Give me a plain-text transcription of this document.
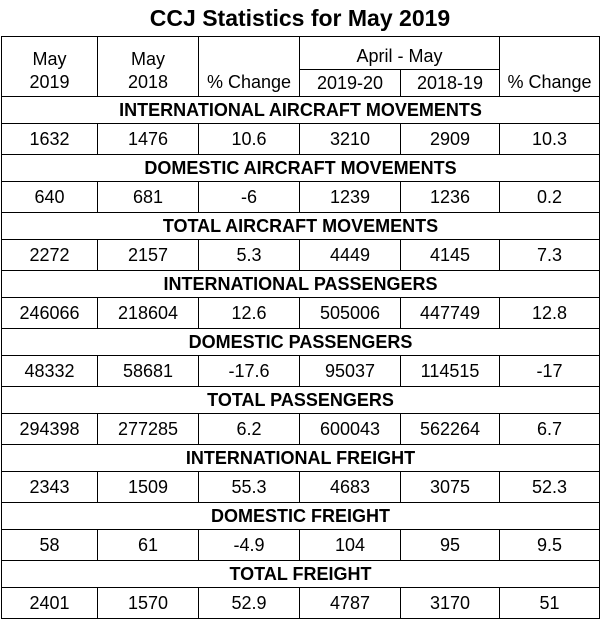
CCJ Statistics for May 2019
May	May		April - May		
2019	2018	% Change	2019-20	2018-19	% Change
INTERNATIONAL AIRCRAFT MOVEMENTS					
1632	1476	10.6	3210	2909	10.3
DOMESTIC AIRCRAFT MOVEMENTS					
640	681	-6	1239	1236	0.2
TOTAL AIRCRAFT MOVEMENTS					
2272	2157	5.3	4449	4145	7.3
INTERNATIONAL PASSENGERS					
246066	218604	12.6	505006	447749	12.8
DOMESTIC PASSENGERS					
48332	58681	-17.6	95037	114515	-17
TOTAL PASSENGERS					
294398	277285	6.2	600043	562264	6.7
INTERNATIONAL FREIGHT					
2343	1509	55.3	4683	3075	52.3
DOMESTIC FREIGHT					
58	61	-4.9	104	95	9.5
TOTAL FREIGHT					
2401	1570	52.9	4787	3170	51
